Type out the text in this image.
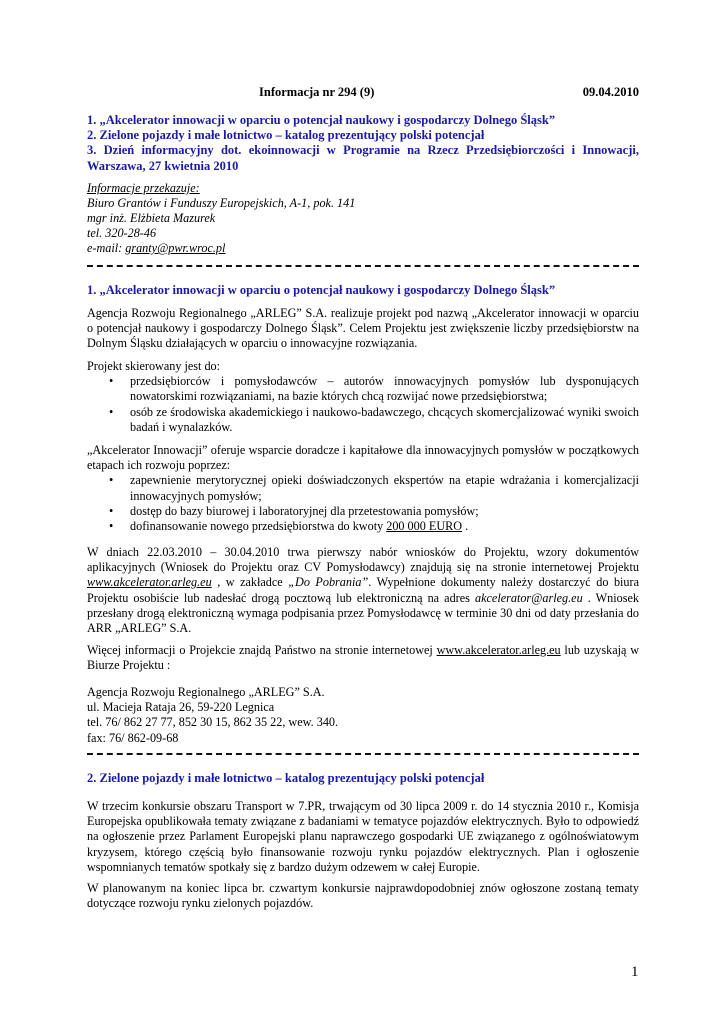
Informacja nr 294 (9)	09.04.2010
1. „Akcelerator innowacji w oparciu o potencjał naukowy i gospodarczy Dolnego Śląsk”
2. Zielone pojazdy i małe lotnictwo – katalog prezentujący polski potencjał
3. Dzień informacyjny dot. ekoinnowacji w Programie na Rzecz Przedsiębiorczości i Innowacji, Warszawa, 27 kwietnia 2010
Informacje przekazuje:
Biuro Grantów i Funduszy Europejskich, A-1, pok. 141
mgr inż. Elżbieta Mazurek
tel. 320-28-46
e-mail: granty@pwr.wroc.pl
1. „Akcelerator innowacji w oparciu o potencjał naukowy i gospodarczy Dolnego Śląsk”

Agencja Rozwoju Regionalnego „ARLEG” S.A. realizuje projekt pod nazwą „Akcelerator innowacji w oparciu o potencjał naukowy i gospodarczy Dolnego Śląsk”. Celem Projektu jest zwiększenie liczby przedsiębiorstw na Dolnym Śląsku działających w oparciu o innowacyjne rozwiązania.

Projekt skierowany jest do:

• przedsiębiorców i pomysłodawców – autorów innowacyjnych pomysłów lub dysponujących nowatorskimi rozwiązaniami, na bazie których chcą rozwijać nowe przedsiębiorstwa;
• osób ze środowiska akademickiego i naukowo-badawczego, chcących skomercjalizować wyniki swoich badań i wynalazków.

„Akcelerator Innowacji” oferuje wsparcie doradcze i kapitałowe dla innowacyjnych pomysłów w początkowych etapach ich rozwoju poprzez:

• zapewnienie merytorycznej opieki doświadczonych ekspertów na etapie wdrażania i komercjalizacji innowacyjnych pomysłów;
• dostęp do bazy biurowej i laboratoryjnej dla przetestowania pomysłów;
• dofinansowanie nowego przedsiębiorstwa do kwoty 200 000 EURO .

W dniach 22.03.2010 – 30.04.2010 trwa pierwszy nabór wniosków do Projektu, wzory dokumentów aplikacyjnych (Wniosek do Projektu oraz CV Pomysłodawcy) znajdują się na stronie internetowej Projektu www.akcelerator.arleg.eu , w zakładce „Do Pobrania”. Wypełnione dokumenty należy dostarczyć do biura Projektu osobiście lub nadesłać drogą pocztową lub elektroniczną na adres akcelerator@arleg.eu . Wniosek przesłany drogą elektroniczną wymaga podpisania przez Pomysłodawcę w terminie 30 dni od daty przesłania do ARR „ARLEG” S.A.

Więcej informacji o Projekcie znajdą Państwo na stronie internetowej www.akcelerator.arleg.eu lub uzyskają w Biurze Projektu :

Agencja Rozwoju Regionalnego „ARLEG” S.A.
ul. Macieja Rataja 26, 59-220 Legnica
tel. 76/ 862 27 77, 852 30 15, 862 35 22, wew. 340.
fax: 76/ 862-09-68
2. Zielone pojazdy i małe lotnictwo – katalog prezentujący polski potencjał

W trzecim konkursie obszaru Transport w 7.PR, trwającym od 30 lipca 2009 r. do 14 stycznia 2010 r., Komisja Europejska opublikowała tematy związane z badaniami w tematyce pojazdów elektrycznych. Było to odpowiedź na ogłoszenie przez Parlament Europejski planu naprawczego gospodarki UE związanego z ogólnoświatowym kryzysem, którego częścią było finansowanie rozwoju rynku pojazdów elektrycznych. Plan i ogłoszenie wspomnianych tematów spotkały się z bardzo dużym odzewem w całej Europie.

W planowanym na koniec lipca br. czwartym konkursie najprawdopodobniej znów ogłoszone zostaną tematy dotyczące rozwoju rynku zielonych pojazdów.

1
